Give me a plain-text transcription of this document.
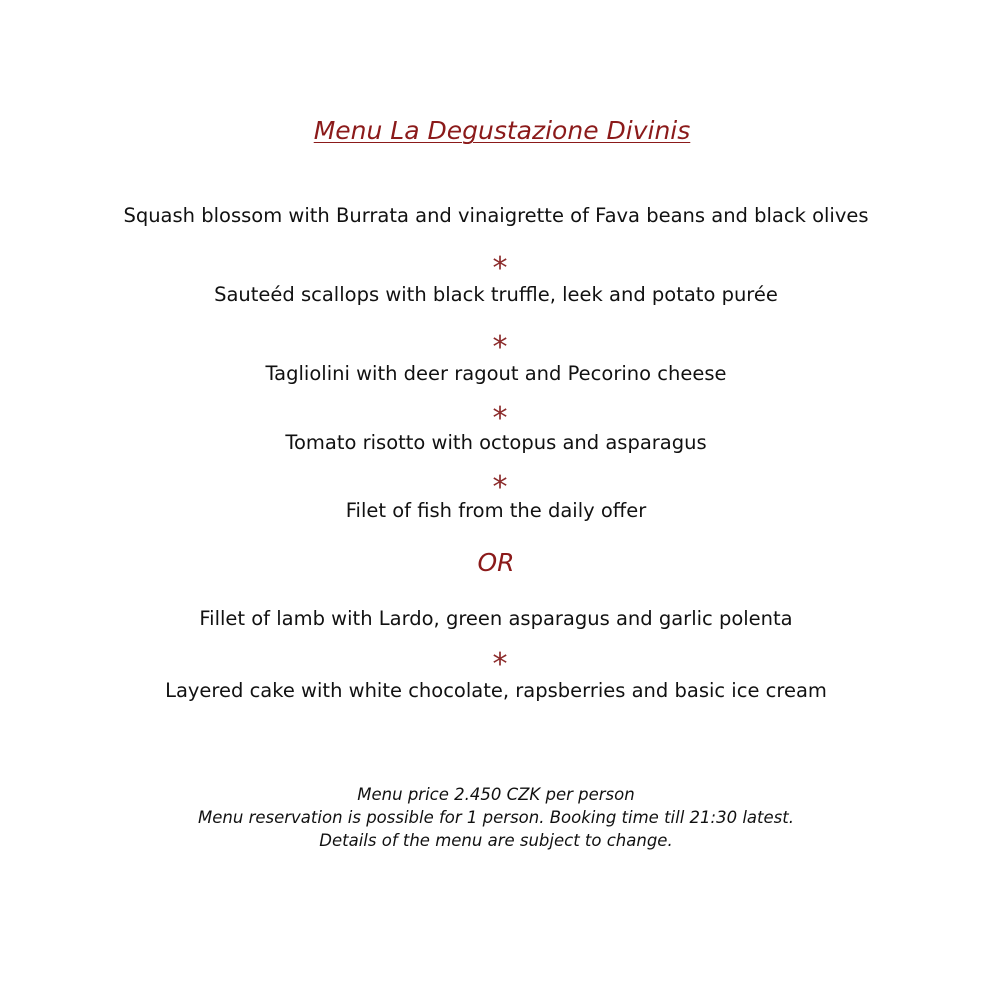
Menu La Degustazione Divinis
Squash blossom with Burrata and vinaigrette of Fava beans and black olives
*
Sauteéd scallops with black truffle, leek and potato purée
*
Tagliolini with deer ragout and Pecorino cheese
*
Tomato risotto with octopus and asparagus
*
Filet of fish from the daily offer
OR
Fillet of lamb with Lardo, green asparagus and garlic polenta
*
Layered cake with white chocolate, rapsberries and basic ice cream
Menu price 2.450 CZK per person
Menu reservation is possible for 1 person. Booking time till 21:30 latest.
Details of the menu are subject to change.
